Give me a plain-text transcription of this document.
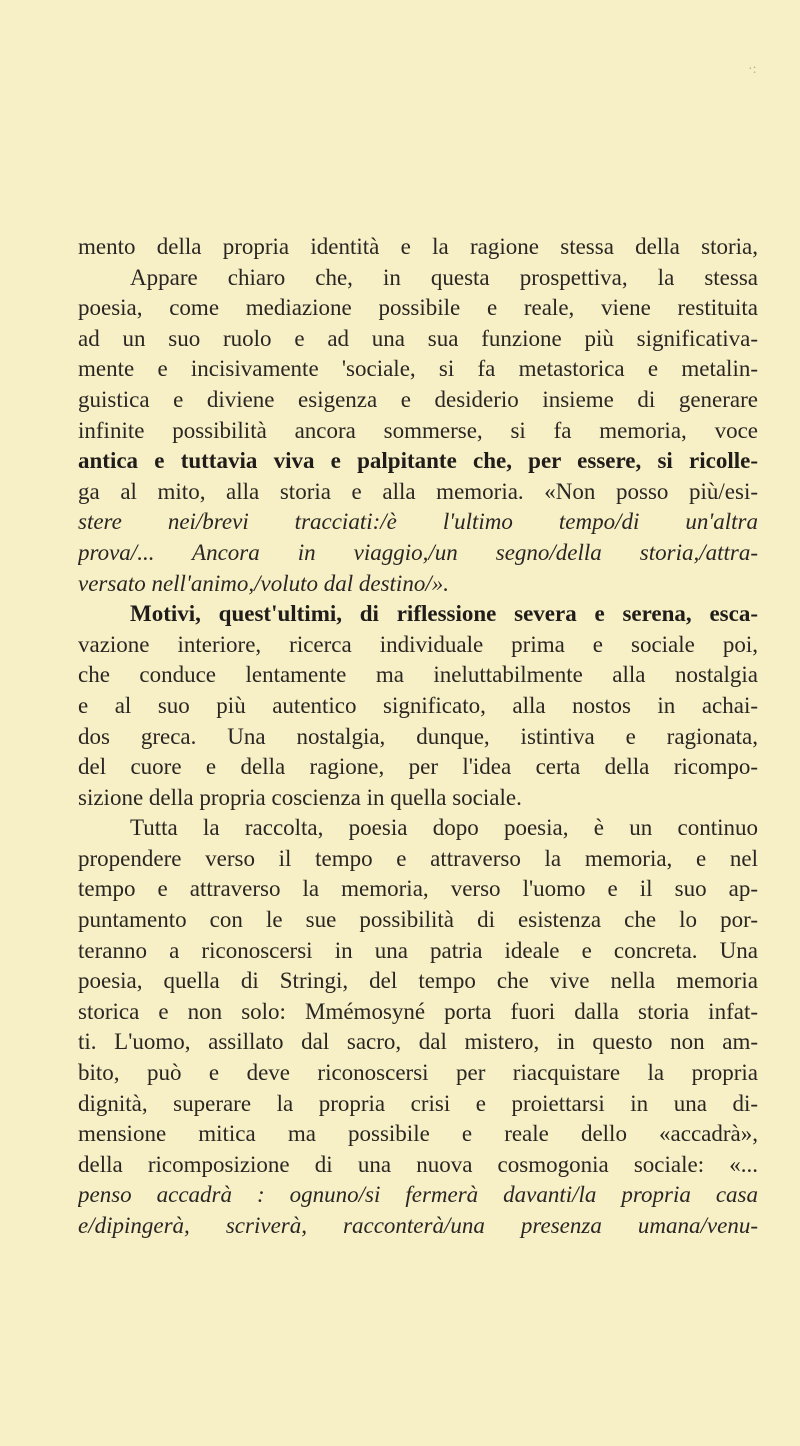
·:
mento della propria identità e la ragione stessa della storia,
Appare chiaro che, in questa prospettiva, la stessa
poesia, come mediazione possibile e reale, viene restituita
ad un suo ruolo e ad una sua funzione più significativa-
mente e incisivamente 'sociale, si fa metastorica e metalin-
guistica e diviene esigenza e desiderio insieme di generare
infinite possibilità ancora sommerse, si fa memoria, voce
antica e tuttavia viva e palpitante che, per essere, si ricolle-
ga al mito, alla storia e alla memoria. «Non posso più/esi-
stere nei/brevi tracciati:/è l'ultimo tempo/di un'altra
prova/... Ancora in viaggio,/un segno/della storia,/attra-
versato nell'animo,/voluto dal destino/».
Motivi, quest'ultimi, di riflessione severa e serena, esca-
vazione interiore, ricerca individuale prima e sociale poi,
che conduce lentamente ma ineluttabilmente alla nostalgia
e al suo più autentico significato, alla nostos in achai-
dos greca. Una nostalgia, dunque, istintiva e ragionata,
del cuore e della ragione, per l'idea certa della ricompo-
sizione della propria coscienza in quella sociale.
Tutta la raccolta, poesia dopo poesia, è un continuo
propendere verso il tempo e attraverso la memoria, e nel
tempo e attraverso la memoria, verso l'uomo e il suo ap-
puntamento con le sue possibilità di esistenza che lo por-
teranno a riconoscersi in una patria ideale e concreta. Una
poesia, quella di Stringi, del tempo che vive nella memoria
storica e non solo: Mmémosyné porta fuori dalla storia infat-
ti. L'uomo, assillato dal sacro, dal mistero, in questo non am-
bito, può e deve riconoscersi per riacquistare la propria
dignità, superare la propria crisi e proiettarsi in una di-
mensione mitica ma possibile e reale dello «accadrà»,
della ricomposizione di una nuova cosmogonia sociale: «...
penso accadrà : ognuno/si fermerà davanti/la propria casa
e/dipingerà, scriverà, racconterà/una presenza umana/venu-
